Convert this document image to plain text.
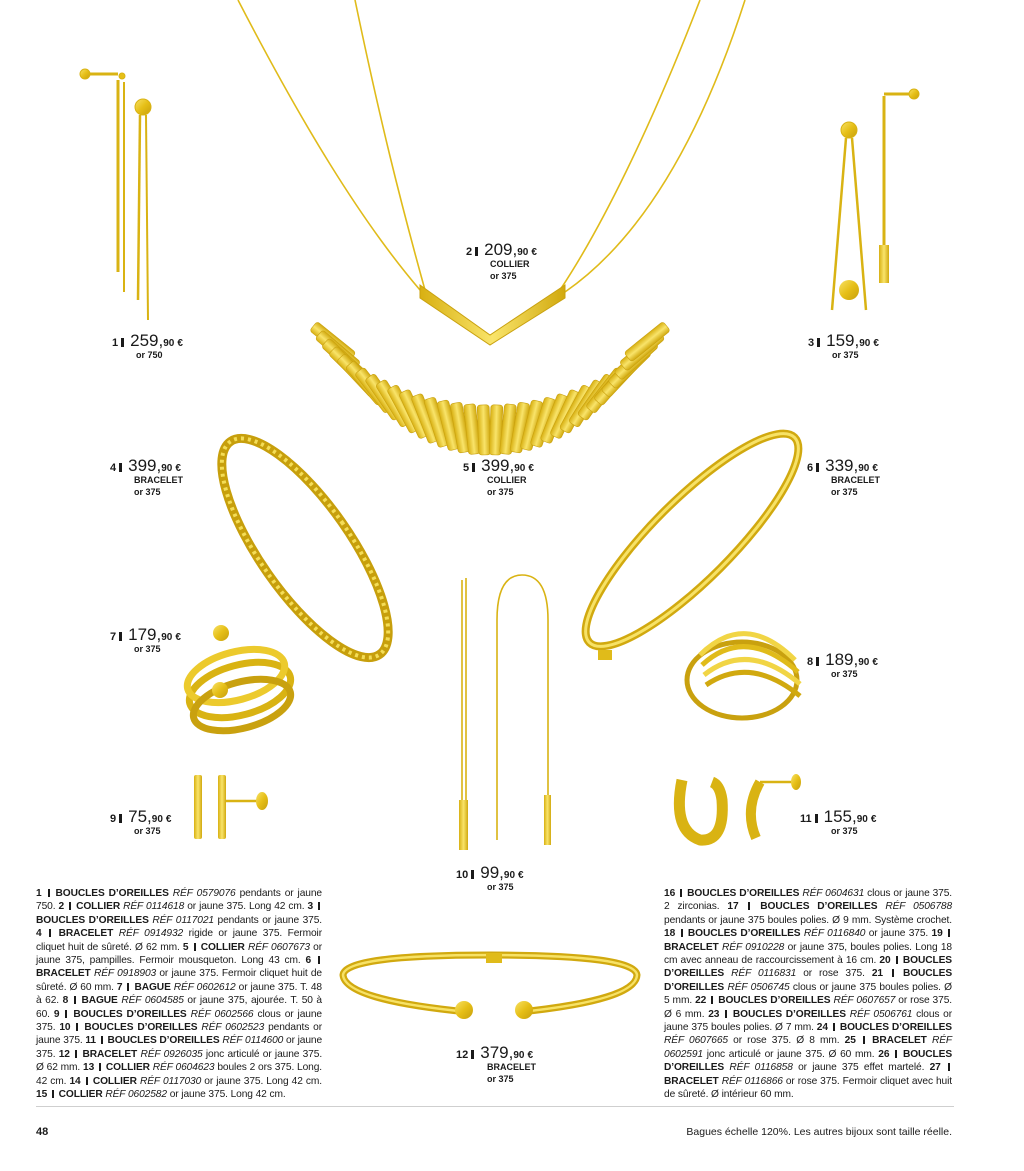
1 259, 90 €
or 750
2 209, 90 €
COLLIER
or 375
3 159, 90 €
or 375
4 399, 90 €
BRACELET
or 375
5 399, 90 €
COLLIER
or 375
6 339, 90 €
BRACELET
or 375
7 179, 90 €
or 375
8 189, 90 €
or 375
9 75, 90 €
or 375
10 99, 90 €
or 375
11 155, 90 €
or 375
12 379, 90 €
BRACELET
or 375

1 BOUCLES D’OREILLES RÉF 0579076 pendants or jaune 750. 2 COLLIER RÉF 0114618 or jaune 375. Long 42 cm. 3  BOUCLES D’OREILLES RÉF 0117021 pendants or jaune 375. 4 BRACELET RÉF 0914932 rigide or jaune 375. Fermoir cliquet huit de sûreté. Ø 62 mm. 5 COLLIER RÉF 0607673 or jaune 375, pampilles. Fermoir mousqueton. Long 43 cm. 6  BRACELET RÉF 0918903 or jaune 375. Fermoir cliquet huit de sûreté. Ø 60 mm. 7 BAGUE RÉF 0602612 or jaune 375. T. 48 à 62. 8 BAGUE RÉF 0604585 or jaune 375, ajourée. T. 50 à 60. 9 BOUCLES D’OREILLES RÉF 0602566 clous or jaune 375. 10 BOUCLES D’OREILLES RÉF 0602523 pendants or jaune 375. 11 BOUCLES D’OREILLES RÉF 0114600 or jaune 375. 12 BRACELET RÉF 0926035 jonc articulé or jaune 375. Ø 62 mm. 13 COLLIER RÉF 0604623 boules 2 ors 375. Long. 42 cm. 14 COLLIER RÉF 0117030 or jaune 375. Long 42 cm. 15 COLLIER RÉF 0602582 or jaune 375. Long 42 cm.

16 BOUCLES D’OREILLES RÉF 0604631 clous or jaune 375. 2 zirconias. 17 BOUCLES D’OREILLES RÉF 0506788 pendants or jaune 375 boules polies. Ø 9 mm. Système crochet. 18 BOUCLES D’OREILLES RÉF 0116840 or jaune 375. 19  BRACELET RÉF 0910228 or jaune 375, boules polies. Long 18 cm avec anneau de raccourcissement à 16 cm. 20 BOUCLES D’OREILLES RÉF 0116831 or rose 375. 21 BOUCLES D’OREILLES RÉF 0506745 clous or jaune 375 boules polies. Ø 5 mm. 22 BOUCLES D’OREILLES RÉF 0607657 or rose 375. Ø 6 mm. 23 BOUCLES D’OREILLES RÉF 0506761 clous or jaune 375 boules polies. Ø 7 mm. 24 BOUCLES D’OREILLES RÉF 0607665 or rose 375. Ø 8 mm. 25 BRACELET RÉF 0602591 jonc articulé or jaune 375. Ø 60 mm. 26 BOUCLES D’OREILLES RÉF 0116858 or jaune 375 effet martelé. 27  BRACELET RÉF 0116866 or rose 375. Fermoir cliquet avec huit de sûreté. Ø intérieur 60 mm.

48	Bagues échelle 120%. Les autres bijoux sont taille réelle.
